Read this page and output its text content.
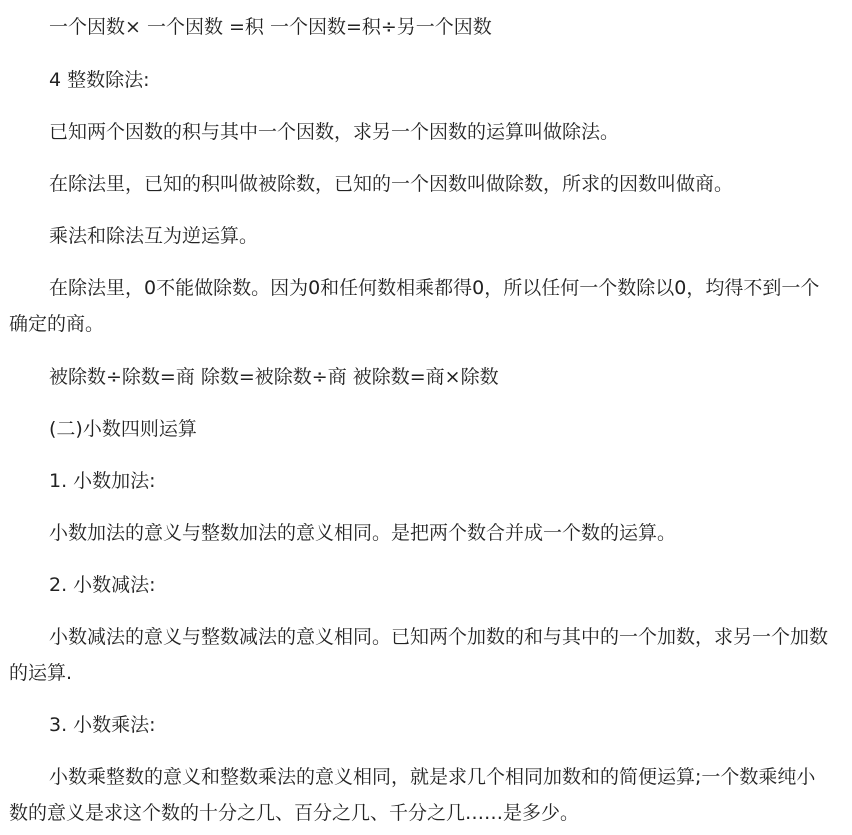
一个因数× 一个因数 =积 一个因数=积÷另一个因数

4 整数除法:

已知两个因数的积与其中一个因数，求另一个因数的运算叫做除法。

在除法里，已知的积叫做被除数，已知的一个因数叫做除数，所求的因数叫做商。

乘法和除法互为逆运算。

在除法里，0不能做除数。因为0和任何数相乘都得0，所以任何一个数除以0，均得不到一个确定的商。

被除数÷除数=商 除数=被除数÷商 被除数=商×除数

(二)小数四则运算

1. 小数加法:

小数加法的意义与整数加法的意义相同。是把两个数合并成一个数的运算。

2. 小数减法:

小数减法的意义与整数减法的意义相同。已知两个加数的和与其中的一个加数，求另一个加数的运算.

3. 小数乘法:

小数乘整数的意义和整数乘法的意义相同，就是求几个相同加数和的简便运算;一个数乘纯小数的意义是求这个数的十分之几、百分之几、千分之几……是多少。
